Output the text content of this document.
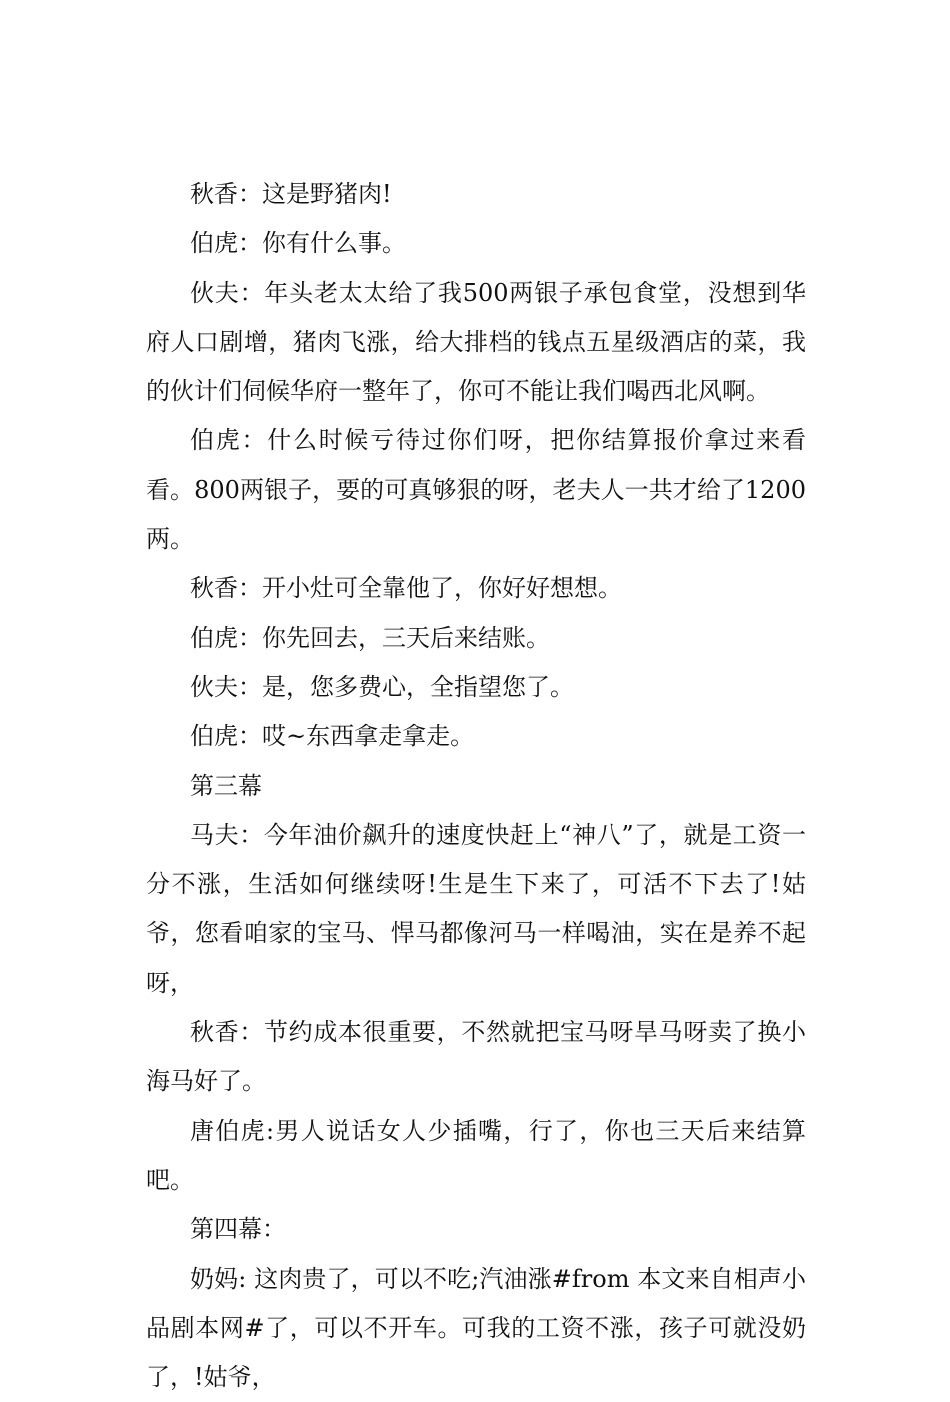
秋香：这是野猪肉!

伯虎：你有什么事。

伙夫：年头老太太给了我500两银子承包食堂，没想到华府人口剧增，猪肉飞涨，给大排档的钱点五星级酒店的菜，我的伙计们伺候华府一整年了，你可不能让我们喝西北风啊。

伯虎：什么时候亏待过你们呀，把你结算报价拿过来看看。800两银子，要的可真够狠的呀，老夫人一共才给了1200两。

秋香：开小灶可全靠他了，你好好想想。

伯虎：你先回去，三天后来结账。

伙夫：是，您多费心，全指望您了。

伯虎：哎~东西拿走拿走。

第三幕

马夫：今年油价飙升的速度快赶上“神八”了，就是工资一分不涨，生活如何继续呀!生是生下来了，可活不下去了!姑爷，您看咱家的宝马、悍马都像河马一样喝油，实在是养不起呀，

秋香：节约成本很重要，不然就把宝马呀旱马呀卖了换小海马好了。

唐伯虎:男人说话女人少插嘴，行了，你也三天后来结算吧。

第四幕：

奶妈: 这肉贵了，可以不吃;汽油涨#from 本文来自相声小品剧本网#了，可以不开车。可我的工资不涨，孩子可就没奶了，!姑爷，
